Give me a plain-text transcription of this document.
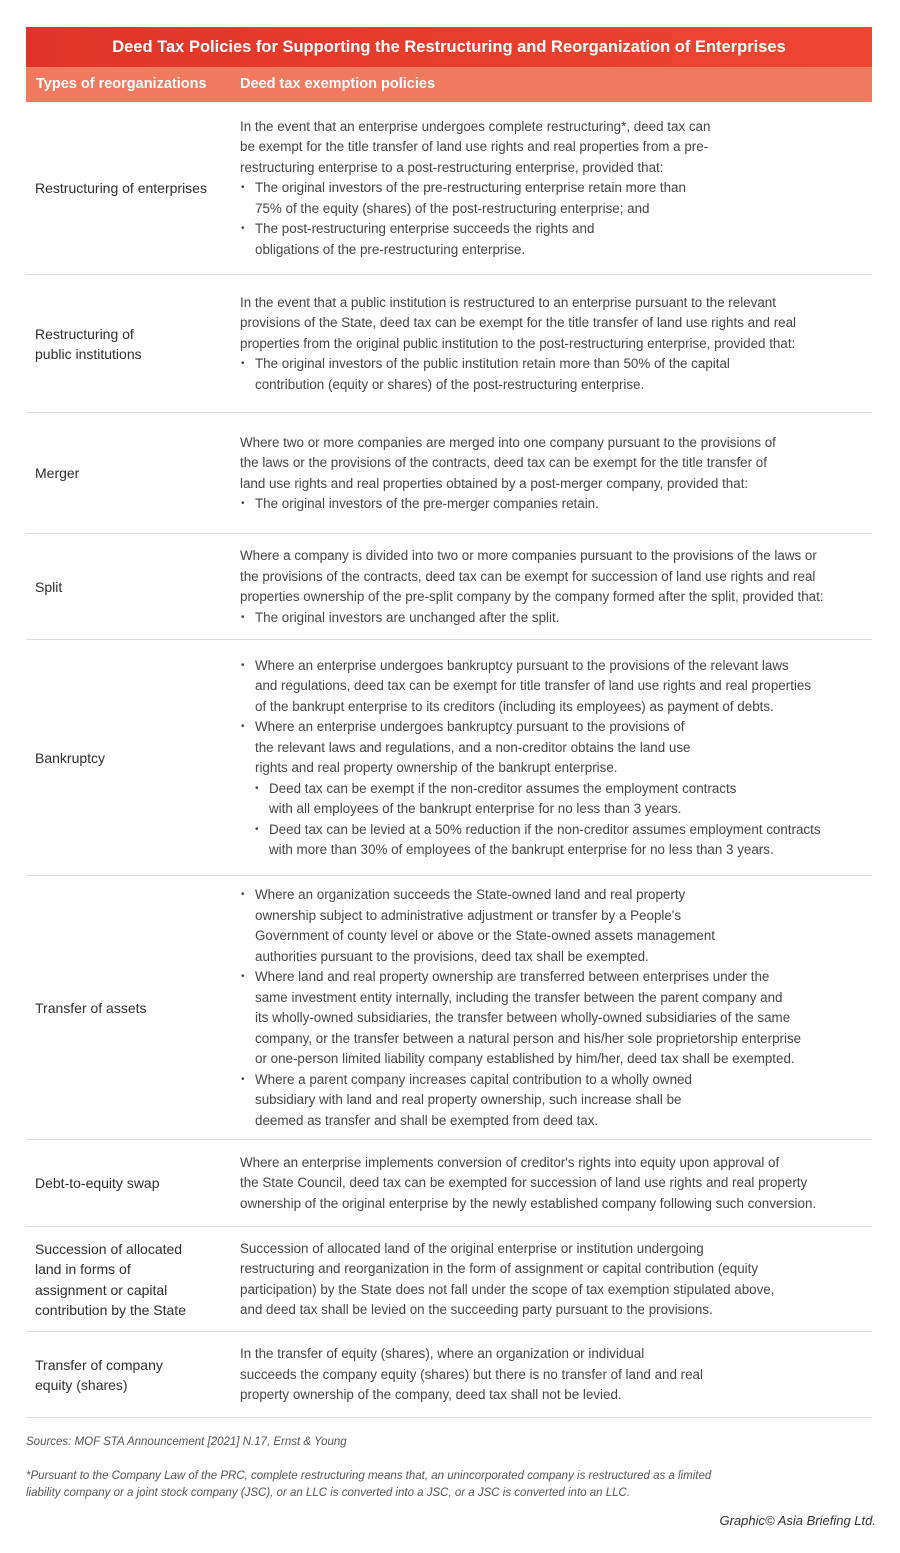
Deed Tax Policies for Supporting the Restructuring and Reorganization of Enterprises
Types of reorganizations Deed tax exemption policies
Restructuring of enterprises
In the event that an enterprise undergoes complete restructuring*, deed tax can
be exempt for the title transfer of land use rights and real properties from a pre-
restructuring enterprise to a post-restructuring enterprise, provided that:
• The original investors of the pre-restructuring enterprise retain more than
75% of the equity (shares) of the post-restructuring enterprise; and
• The post-restructuring enterprise succeeds the rights and
obligations of the pre-restructuring enterprise.
Restructuring of
public institutions
In the event that a public institution is restructured to an enterprise pursuant to the relevant
provisions of the State, deed tax can be exempt for the title transfer of land use rights and real
properties from the original public institution to the post-restructuring enterprise, provided that:
• The original investors of the public institution retain more than 50% of the capital
contribution (equity or shares) of the post-restructuring enterprise.
Merger
Where two or more companies are merged into one company pursuant to the provisions of
the laws or the provisions of the contracts, deed tax can be exempt for the title transfer of
land use rights and real properties obtained by a post-merger company, provided that:
• The original investors of the pre-merger companies retain.
Split
Where a company is divided into two or more companies pursuant to the provisions of the laws or
the provisions of the contracts, deed tax can be exempt for succession of land use rights and real
properties ownership of the pre-split company by the company formed after the split, provided that:
• The original investors are unchanged after the split.
Bankruptcy
• Where an enterprise undergoes bankruptcy pursuant to the provisions of the relevant laws
and regulations, deed tax can be exempt for title transfer of land use rights and real properties
of the bankrupt enterprise to its creditors (including its employees) as payment of debts.
• Where an enterprise undergoes bankruptcy pursuant to the provisions of
the relevant laws and regulations, and a non-creditor obtains the land use
rights and real property ownership of the bankrupt enterprise.
• Deed tax can be exempt if the non-creditor assumes the employment contracts
with all employees of the bankrupt enterprise for no less than 3 years.
• Deed tax can be levied at a 50% reduction if the non-creditor assumes employment contracts
with more than 30% of employees of the bankrupt enterprise for no less than 3 years.
Transfer of assets
• Where an organization succeeds the State-owned land and real property
ownership subject to administrative adjustment or transfer by a People's
Government of county level or above or the State-owned assets management
authorities pursuant to the provisions, deed tax shall be exempted.
• Where land and real property ownership are transferred between enterprises under the
same investment entity internally, including the transfer between the parent company and
its wholly-owned subsidiaries, the transfer between wholly-owned subsidiaries of the same
company, or the transfer between a natural person and his/her sole proprietorship enterprise
or one-person limited liability company established by him/her, deed tax shall be exempted.
• Where a parent company increases capital contribution to a wholly owned
subsidiary with land and real property ownership, such increase shall be
deemed as transfer and shall be exempted from deed tax.
Debt-to-equity swap
Where an enterprise implements conversion of creditor's rights into equity upon approval of
the State Council, deed tax can be exempted for succession of land use rights and real property
ownership of the original enterprise by the newly established company following such conversion.
Succession of allocated
land in forms of
assignment or capital
contribution by the State
Succession of allocated land of the original enterprise or institution undergoing
restructuring and reorganization in the form of assignment or capital contribution (equity
participation) by the State does not fall under the scope of tax exemption stipulated above,
and deed tax shall be levied on the succeeding party pursuant to the provisions.
Transfer of company
equity (shares)
In the transfer of equity (shares), where an organization or individual
succeeds the company equity (shares) but there is no transfer of land and real
property ownership of the company, deed tax shall not be levied.
Sources: MOF STA Announcement [2021] N.17, Ernst & Young
*Pursuant to the Company Law of the PRC, complete restructuring means that, an unincorporated company is restructured as a limited
liability company or a joint stock company (JSC), or an LLC is converted into a JSC, or a JSC is converted into an LLC.
Graphic© Asia Briefing Ltd.
